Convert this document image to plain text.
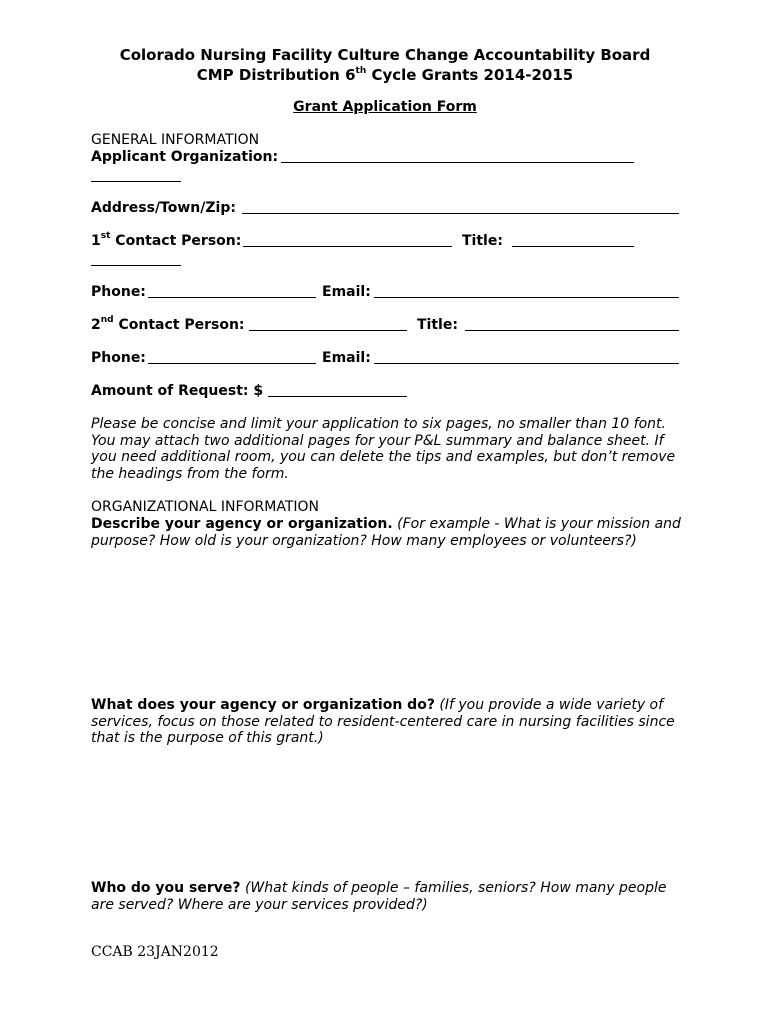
Colorado Nursing Facility Culture Change Accountability Board
CMP Distribution 6th Cycle Grants 2014-2015
Grant Application Form
GENERAL INFORMATION
Applicant Organization:
Address/Town/Zip:
1st Contact Person:	Title:
Phone:	Email:
2nd Contact Person:	Title:
Phone:	Email:
Amount of Request: $
Please be concise and limit your application to six pages, no smaller than 10 font. You may attach two additional pages for your P&L summary and balance sheet. If you need additional room, you can delete the tips and examples, but don’t remove the headings from the form.
ORGANIZATIONAL INFORMATION
Describe your agency or organization. (For example - What is your mission and purpose? How old is your organization? How many employees or volunteers?)
What does your agency or organization do? (If you provide a wide variety of services, focus on those related to resident-centered care in nursing facilities since that is the purpose of this grant.)
Who do you serve? (What kinds of people – families, seniors? How many people are served? Where are your services provided?)
CCAB 23JAN2012
